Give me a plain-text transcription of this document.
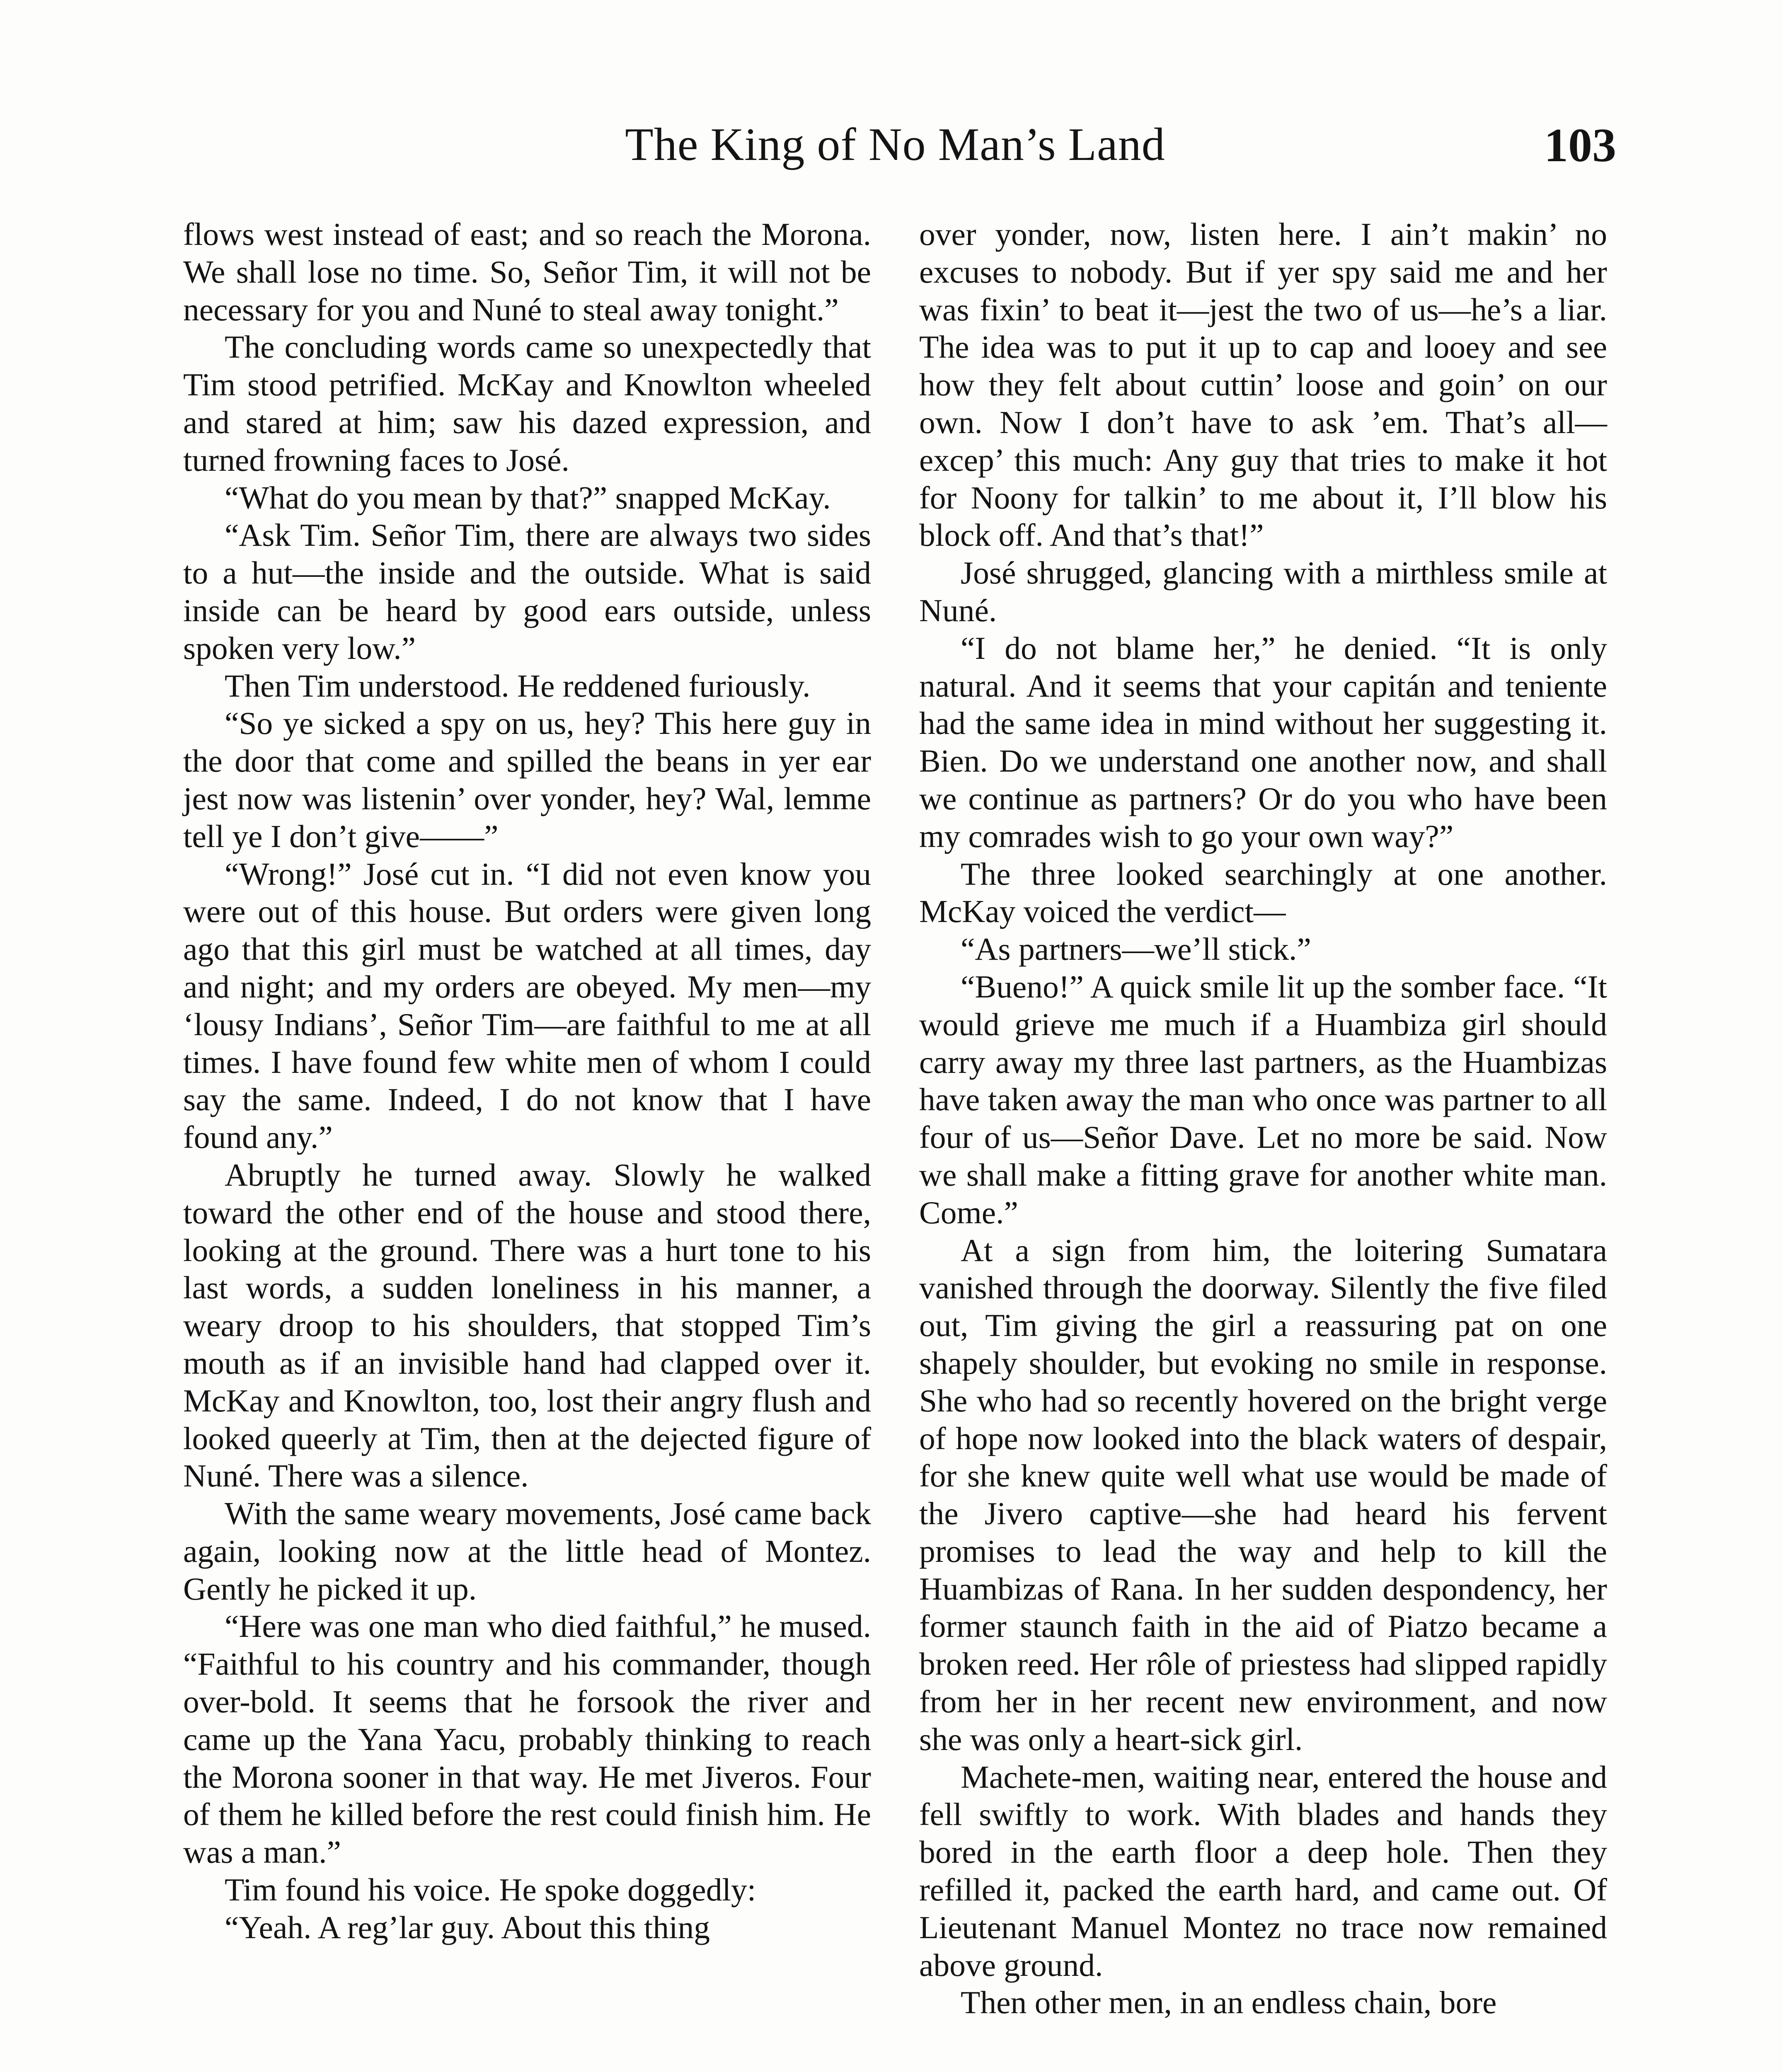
The King of No Man’s Land	103

flows west instead of east; and so reach the Morona. We shall lose no time. So, Señor Tim, it will not be necessary for you and Nuné to steal away tonight.”

The concluding words came so unexpectedly that Tim stood petrified. McKay and Knowlton wheeled and stared at him; saw his dazed expression, and turned frowning faces to José.

“What do you mean by that?” snapped McKay.

“Ask Tim. Señor Tim, there are always two sides to a hut—the inside and the outside. What is said inside can be heard by good ears outside, unless spoken very low.”

Then Tim understood. He reddened furiously.

“So ye sicked a spy on us, hey? This here guy in the door that come and spilled the beans in yer ear jest now was listenin’ over yonder, hey? Wal, lemme tell ye I don’t give——”

“Wrong!” José cut in. “I did not even know you were out of this house. But orders were given long ago that this girl must be watched at all times, day and night; and my orders are obeyed. My men—my ‘lousy Indians’, Señor Tim—are faithful to me at all times. I have found few white men of whom I could say the same. Indeed, I do not know that I have found any.”

Abruptly he turned away. Slowly he walked toward the other end of the house and stood there, looking at the ground. There was a hurt tone to his last words, a sudden loneliness in his manner, a weary droop to his shoulders, that stopped Tim’s mouth as if an invisible hand had clapped over it. McKay and Knowlton, too, lost their angry flush and looked queerly at Tim, then at the dejected figure of Nuné. There was a silence.

With the same weary movements, José came back again, looking now at the little head of Montez. Gently he picked it up.

“Here was one man who died faithful,” he mused. “Faithful to his country and his commander, though over-bold. It seems that he forsook the river and came up the Yana Yacu, probably thinking to reach the Morona sooner in that way. He met Jiveros. Four of them he killed before the rest could finish him. He was a man.”

Tim found his voice. He spoke doggedly:

“Yeah. A reg’lar guy. About this thing

over yonder, now, listen here. I ain’t makin’ no excuses to nobody. But if yer spy said me and her was fixin’ to beat it—jest the two of us—he’s a liar. The idea was to put it up to cap and looey and see how they felt about cuttin’ loose and goin’ on our own. Now I don’t have to ask ’em. That’s all—excep’ this much: Any guy that tries to make it hot for Noony for talkin’ to me about it, I’ll blow his block off. And that’s that!”

José shrugged, glancing with a mirthless smile at Nuné.

“I do not blame her,” he denied. “It is only natural. And it seems that your capitán and teniente had the same idea in mind without her suggesting it. Bien. Do we understand one another now, and shall we continue as partners? Or do you who have been my comrades wish to go your own way?”

The three looked searchingly at one another. McKay voiced the verdict—

“As partners—we’ll stick.”

“Bueno!” A quick smile lit up the somber face. “It would grieve me much if a Huambiza girl should carry away my three last partners, as the Huambizas have taken away the man who once was partner to all four of us—Señor Dave. Let no more be said. Now we shall make a fitting grave for another white man. Come.”

At a sign from him, the loitering Sumatara vanished through the doorway. Silently the five filed out, Tim giving the girl a reassuring pat on one shapely shoulder, but evoking no smile in response. She who had so recently hovered on the bright verge of hope now looked into the black waters of despair, for she knew quite well what use would be made of the Jivero captive—she had heard his fervent promises to lead the way and help to kill the Huambizas of Rana. In her sudden despondency, her former staunch faith in the aid of Piatzo became a broken reed. Her rôle of priestess had slipped rapidly from her in her recent new environment, and now she was only a heart-sick girl.

Machete-men, waiting near, entered the house and fell swiftly to work. With blades and hands they bored in the earth floor a deep hole. Then they refilled it, packed the earth hard, and came out. Of Lieutenant Manuel Montez no trace now remained above ground.

Then other men, in an endless chain, bore
